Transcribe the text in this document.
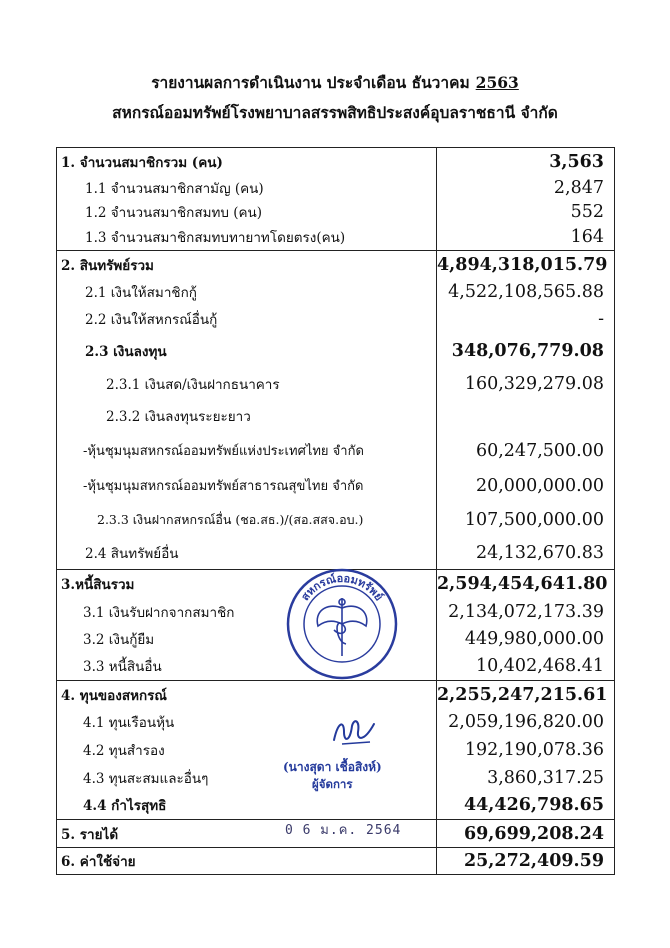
รายงานผลการดำเนินงาน ประจำเดือน ธันวาคม 2563
สหกรณ์ออมทรัพย์โรงพยาบาลสรรพสิทธิประสงค์อุบลราชธานี จำกัด
1. จำนวนสมาชิกรวม (คน)	3,563
1.1 จำนวนสมาชิกสามัญ (คน)	2,847
1.2 จำนวนสมาชิกสมทบ (คน)	552
1.3 จำนวนสมาชิกสมทบทายาทโดยตรง(คน)	164
2. สินทรัพย์รวม	4,894,318,015.79
2.1 เงินให้สมาชิกกู้	4,522,108,565.88
2.2 เงินให้สหกรณ์อื่นกู้	-
2.3 เงินลงทุน	348,076,779.08
2.3.1 เงินสด/เงินฝากธนาคาร	160,329,279.08
2.3.2 เงินลงทุนระยะยาว	
-หุ้นชุมนุมสหกรณ์ออมทรัพย์แห่งประเทศไทย จำกัด	60,247,500.00
-หุ้นชุมนุมสหกรณ์ออมทรัพย์สาธารณสุขไทย จำกัด	20,000,000.00
2.3.3 เงินฝากสหกรณ์อื่น (ชอ.สธ.)/(สอ.สสจ.อบ.)	107,500,000.00
2.4 สินทรัพย์อื่น	24,132,670.83
3.หนี้สินรวม	2,594,454,641.80
3.1 เงินรับฝากจากสมาชิก	2,134,072,173.39
3.2 เงินกู้ยืม	449,980,000.00
3.3 หนี้สินอื่น	10,402,468.41
4. ทุนของสหกรณ์	2,255,247,215.61
4.1 ทุนเรือนหุ้น	2,059,196,820.00
4.2 ทุนสำรอง	192,190,078.36
4.3 ทุนสะสมและอื่นๆ	3,860,317.25
4.4 กำไรสุทธิ	44,426,798.65
5. รายได้	69,699,208.24
6. ค่าใช้จ่าย	25,272,409.59
สหกรณ์ออมทรัพย์
(นางสุดา เชื้อสิงห์)
ผู้จัดการ
0 6 ม.ค. 2564
